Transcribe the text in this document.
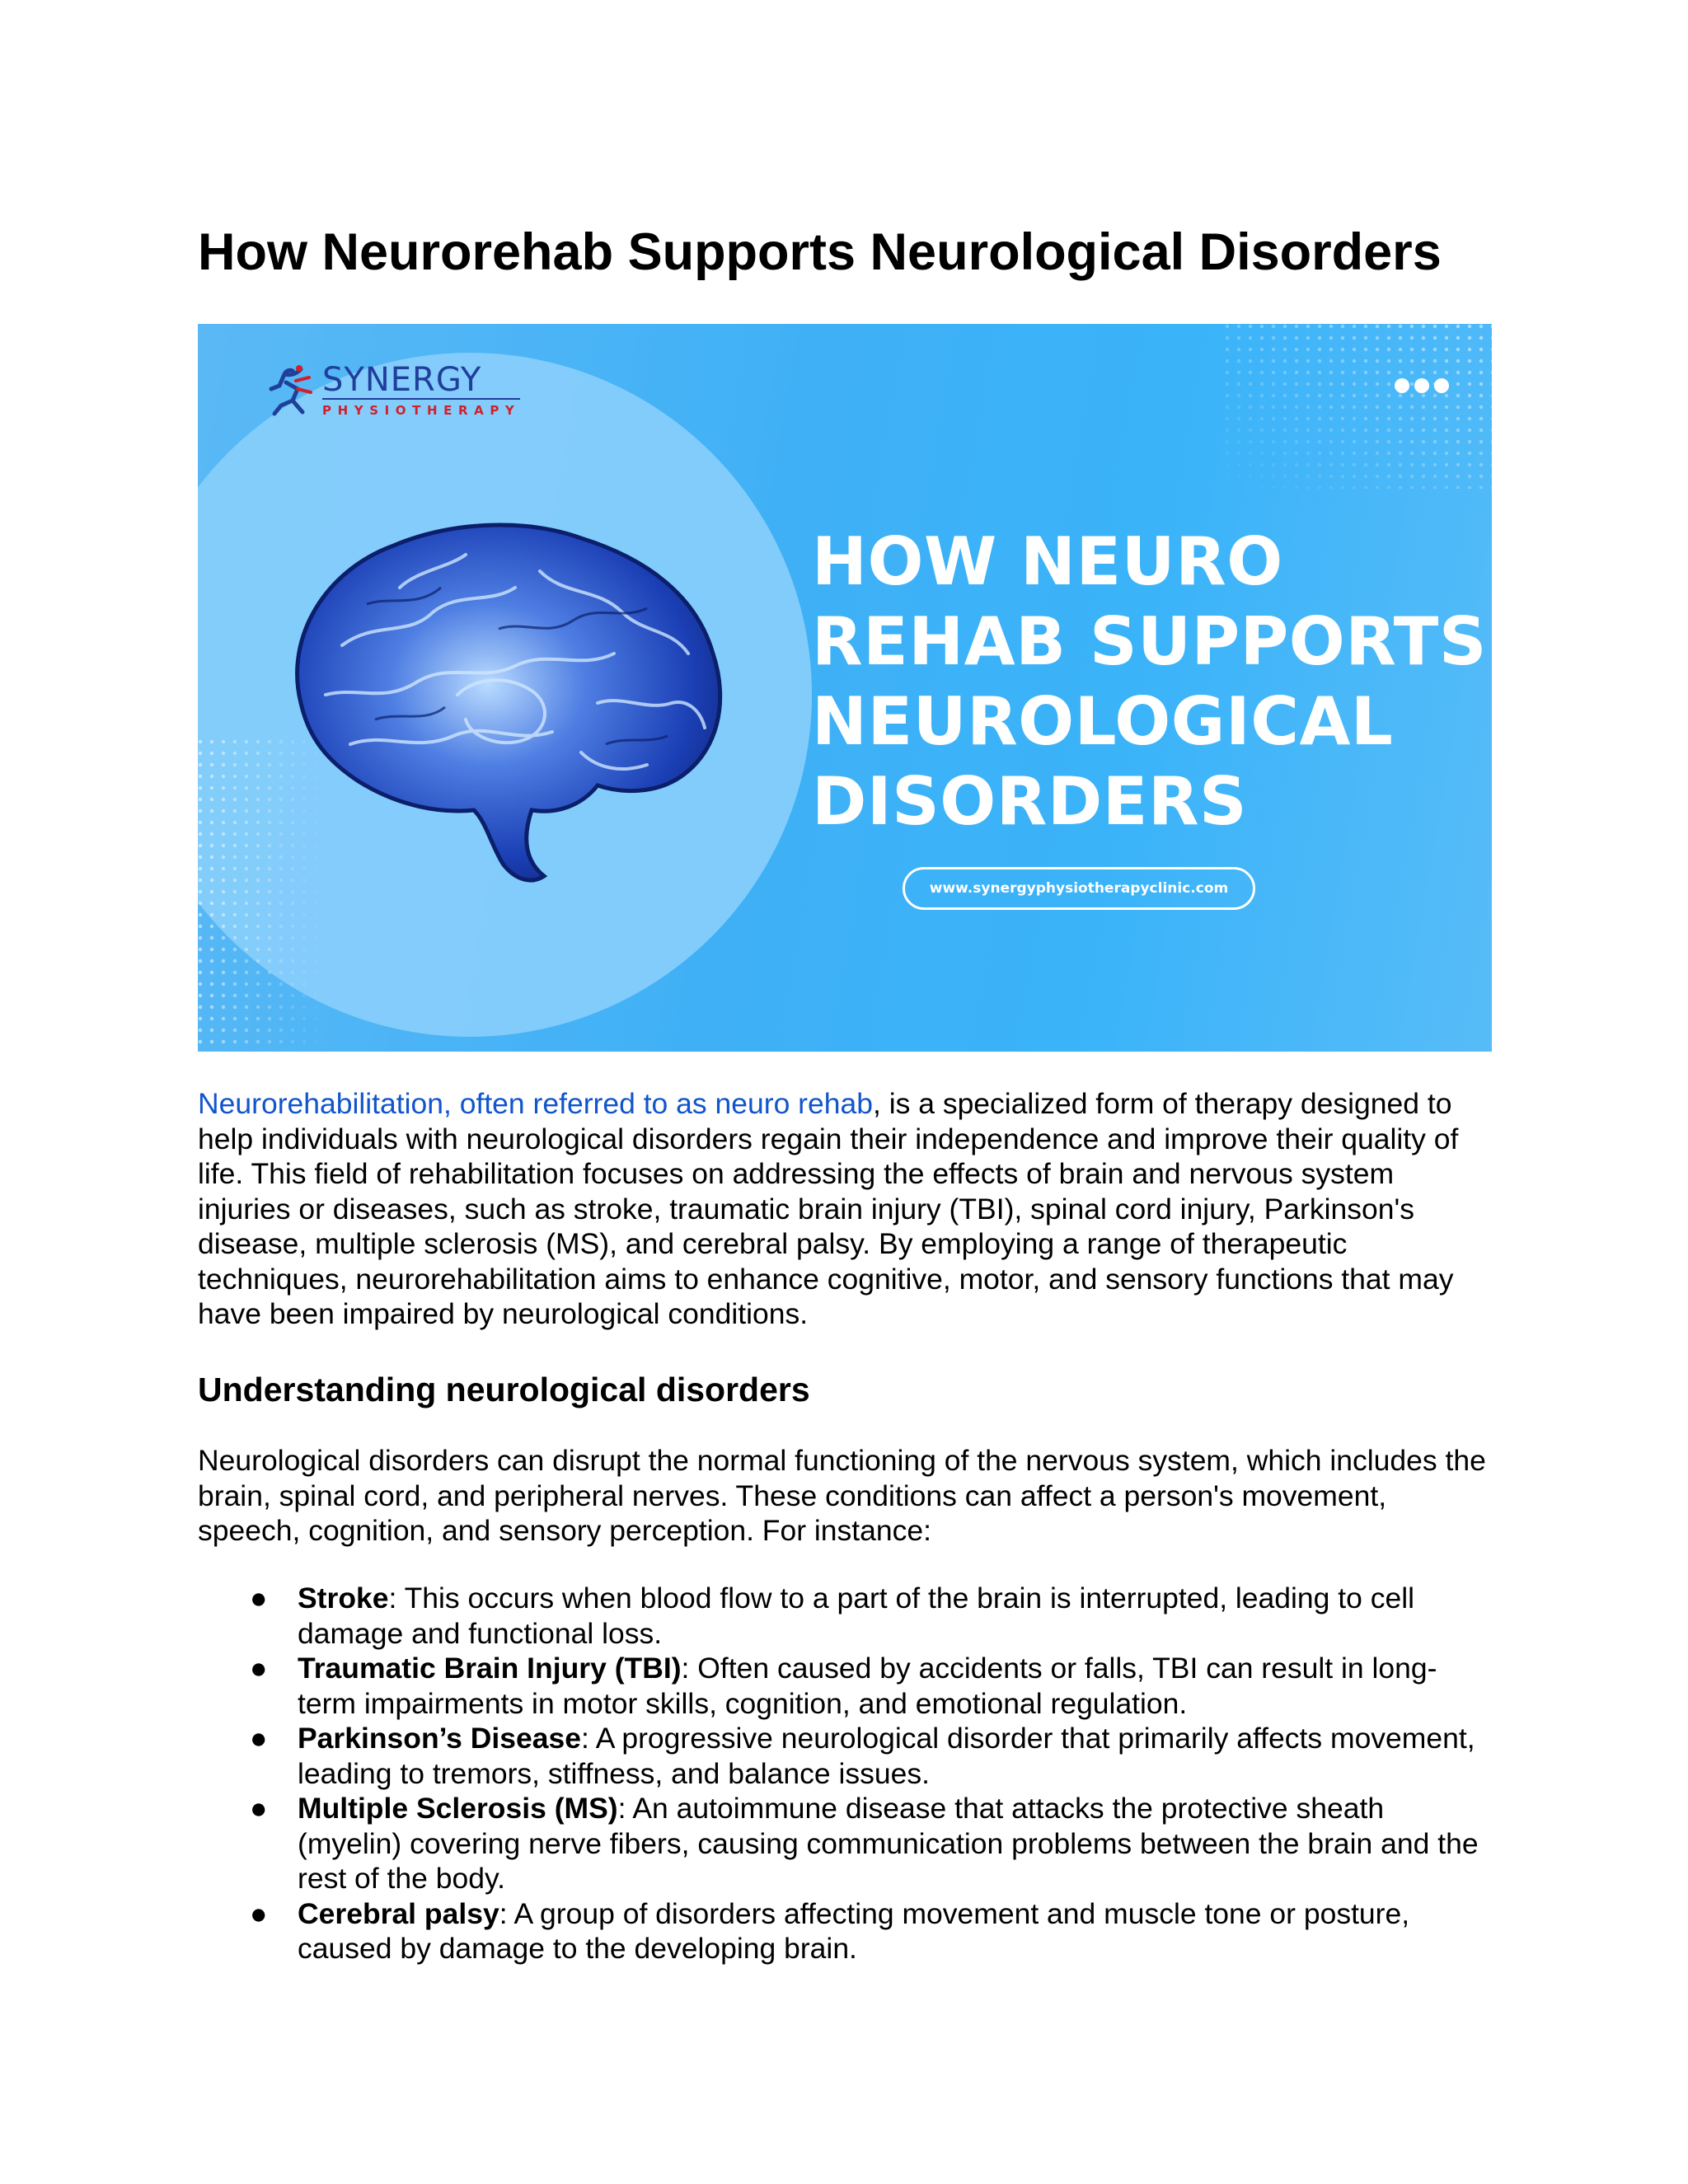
How Neurorehab Supports Neurological Disorders
SYNERGY
PHYSIOTHERAPY
HOW NEURO
REHAB SUPPORTS
NEUROLOGICAL
DISORDERS
www.synergyphysiotherapyclinic.com

Neurorehabilitation, often referred to as neuro rehab, is a specialized form of therapy designed to help individuals with neurological disorders regain their independence and improve their quality of life. This field of rehabilitation focuses on addressing the effects of brain and nervous system injuries or diseases, such as stroke, traumatic brain injury (TBI), spinal cord injury, Parkinson's disease, multiple sclerosis (MS), and cerebral palsy. By employing a range of therapeutic techniques, neurorehabilitation aims to enhance cognitive, motor, and sensory functions that may have been impaired by neurological conditions.

Understanding neurological disorders

Neurological disorders can disrupt the normal functioning of the nervous system, which includes the brain, spinal cord, and peripheral nerves. These conditions can affect a person's movement, speech, cognition, and sensory perception. For instance:

● Stroke: This occurs when blood flow to a part of the brain is interrupted, leading to cell damage and functional loss.
● Traumatic Brain Injury (TBI): Often caused by accidents or falls, TBI can result in long-term impairments in motor skills, cognition, and emotional regulation.
● Parkinson’s Disease: A progressive neurological disorder that primarily affects movement, leading to tremors, stiffness, and balance issues.
● Multiple Sclerosis (MS): An autoimmune disease that attacks the protective sheath (myelin) covering nerve fibers, causing communication problems between the brain and the rest of the body.
● Cerebral palsy: A group of disorders affecting movement and muscle tone or posture, caused by damage to the developing brain.
